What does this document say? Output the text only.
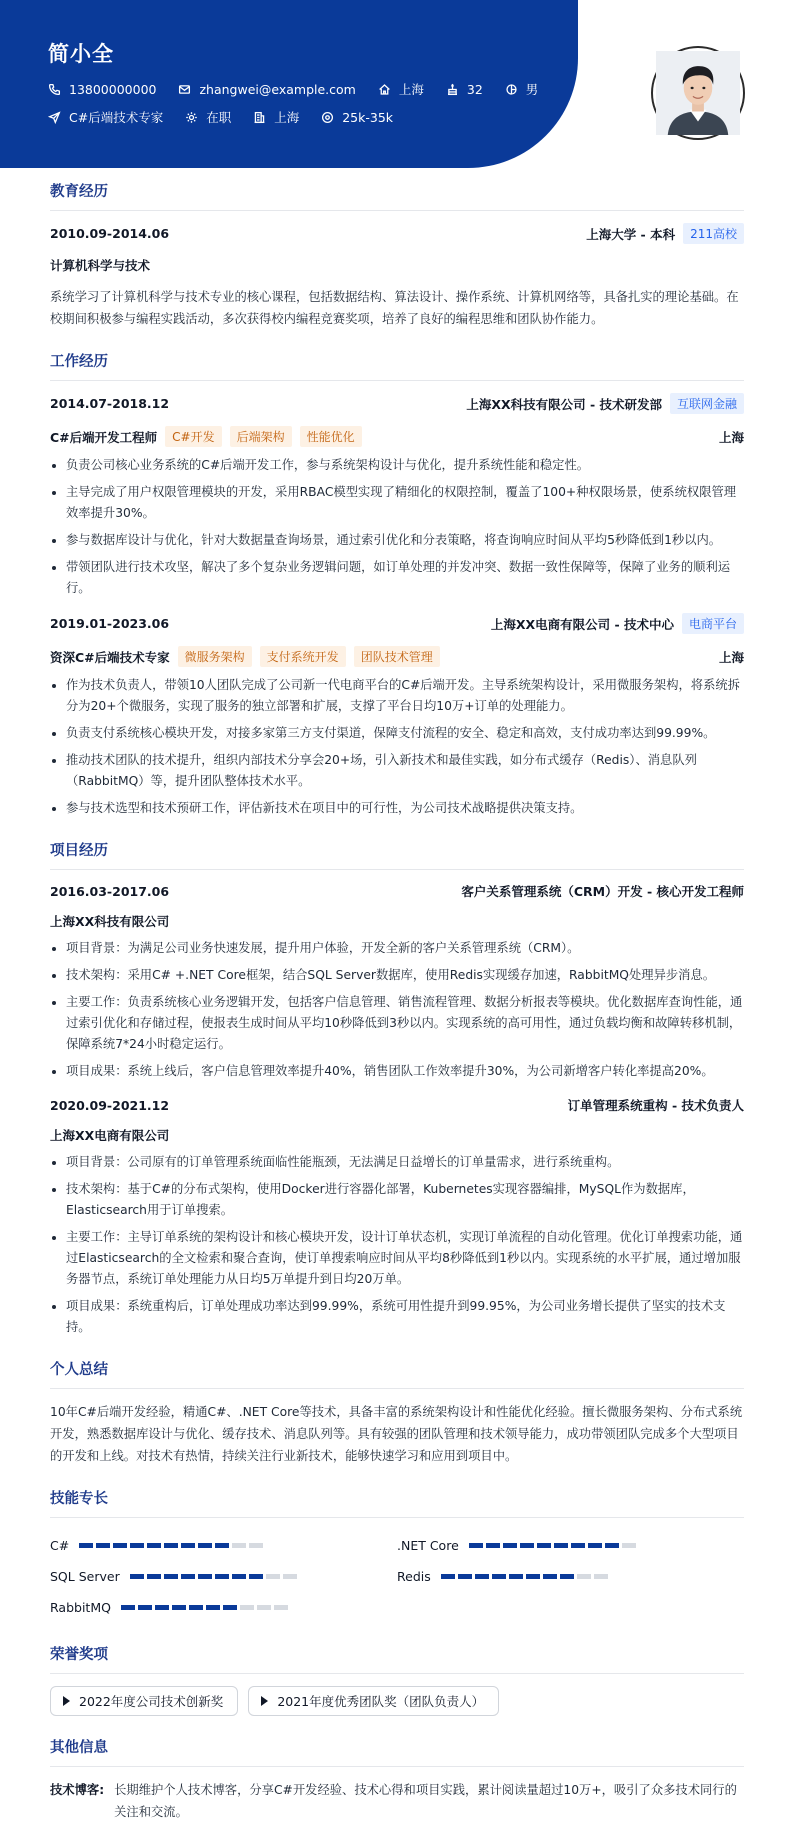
简小全
13800000000	zhangwei@example.com	上海	32	男
C#后端技术专家	在职	上海	25k-35k
教育经历
2010.09-2014.06	上海大学 - 本科	211高校
计算机科学与技术
系统学习了计算机科学与技术专业的核心课程，包括数据结构、算法设计、操作系统、计算机网络等，具备扎实的理论基础。在校期间积极参与编程实践活动，多次获得校内编程竞赛奖项，培养了良好的编程思维和团队协作能力。
工作经历
2014.07-2018.12	上海XX科技有限公司 - 技术研发部	互联网金融
C#后端开发工程师	C#开发	后端架构	性能优化	上海
负责公司核心业务系统的C#后端开发工作，参与系统架构设计与优化，提升系统性能和稳定性。
主导完成了用户权限管理模块的开发，采用RBAC模型实现了精细化的权限控制，覆盖了100+种权限场景，使系统权限管理效率提升30%。
参与数据库设计与优化，针对大数据量查询场景，通过索引优化和分表策略，将查询响应时间从平均5秒降低到1秒以内。
带领团队进行技术攻坚，解决了多个复杂业务逻辑问题，如订单处理的并发冲突、数据一致性保障等，保障了业务的顺利运行。
2019.01-2023.06	上海XX电商有限公司 - 技术中心	电商平台
资深C#后端技术专家	微服务架构	支付系统开发	团队技术管理	上海
作为技术负责人，带领10人团队完成了公司新一代电商平台的C#后端开发。主导系统架构设计，采用微服务架构，将系统拆分为20+个微服务，实现了服务的独立部署和扩展，支撑了平台日均10万+订单的处理能力。
负责支付系统核心模块开发，对接多家第三方支付渠道，保障支付流程的安全、稳定和高效，支付成功率达到99.99%。
推动技术团队的技术提升，组织内部技术分享会20+场，引入新技术和最佳实践，如分布式缓存（Redis）、消息队列（RabbitMQ）等，提升团队整体技术水平。
参与技术选型和技术预研工作，评估新技术在项目中的可行性，为公司技术战略提供决策支持。
项目经历
2016.03-2017.06	客户关系管理系统（CRM）开发 - 核心开发工程师
上海XX科技有限公司
项目背景：为满足公司业务快速发展，提升用户体验，开发全新的客户关系管理系统（CRM）。
技术架构：采用C# +.NET Core框架，结合SQL Server数据库，使用Redis实现缓存加速，RabbitMQ处理异步消息。
主要工作：负责系统核心业务逻辑开发，包括客户信息管理、销售流程管理、数据分析报表等模块。优化数据库查询性能，通过索引优化和存储过程，使报表生成时间从平均10秒降低到3秒以内。实现系统的高可用性，通过负载均衡和故障转移机制，保障系统7*24小时稳定运行。
项目成果：系统上线后，客户信息管理效率提升40%，销售团队工作效率提升30%，为公司新增客户转化率提高20%。
2020.09-2021.12	订单管理系统重构 - 技术负责人
上海XX电商有限公司
项目背景：公司原有的订单管理系统面临性能瓶颈，无法满足日益增长的订单量需求，进行系统重构。
技术架构：基于C#的分布式架构，使用Docker进行容器化部署，Kubernetes实现容器编排，MySQL作为数据库，Elasticsearch用于订单搜索。
主要工作：主导订单系统的架构设计和核心模块开发，设计订单状态机，实现订单流程的自动化管理。优化订单搜索功能，通过Elasticsearch的全文检索和聚合查询，使订单搜索响应时间从平均8秒降低到1秒以内。实现系统的水平扩展，通过增加服务器节点，系统订单处理能力从日均5万单提升到日均20万单。
项目成果：系统重构后，订单处理成功率达到99.99%，系统可用性提升到99.95%，为公司业务增长提供了坚实的技术支持。
个人总结
10年C#后端开发经验，精通C#、.NET Core等技术，具备丰富的系统架构设计和性能优化经验。擅长微服务架构、分布式系统开发，熟悉数据库设计与优化、缓存技术、消息队列等。具有较强的团队管理和技术领导能力，成功带领团队完成多个大型项目的开发和上线。对技术有热情，持续关注行业新技术，能够快速学习和应用到项目中。
技能专长
C#	.NET Core
SQL Server	Redis
RabbitMQ
荣誉奖项
2022年度公司技术创新奖	2021年度优秀团队奖（团队负责人）
其他信息
技术博客: 长期维护个人技术博客，分享C#开发经验、技术心得和项目实践，累计阅读量超过10万+，吸引了众多技术同行的关注和交流。
